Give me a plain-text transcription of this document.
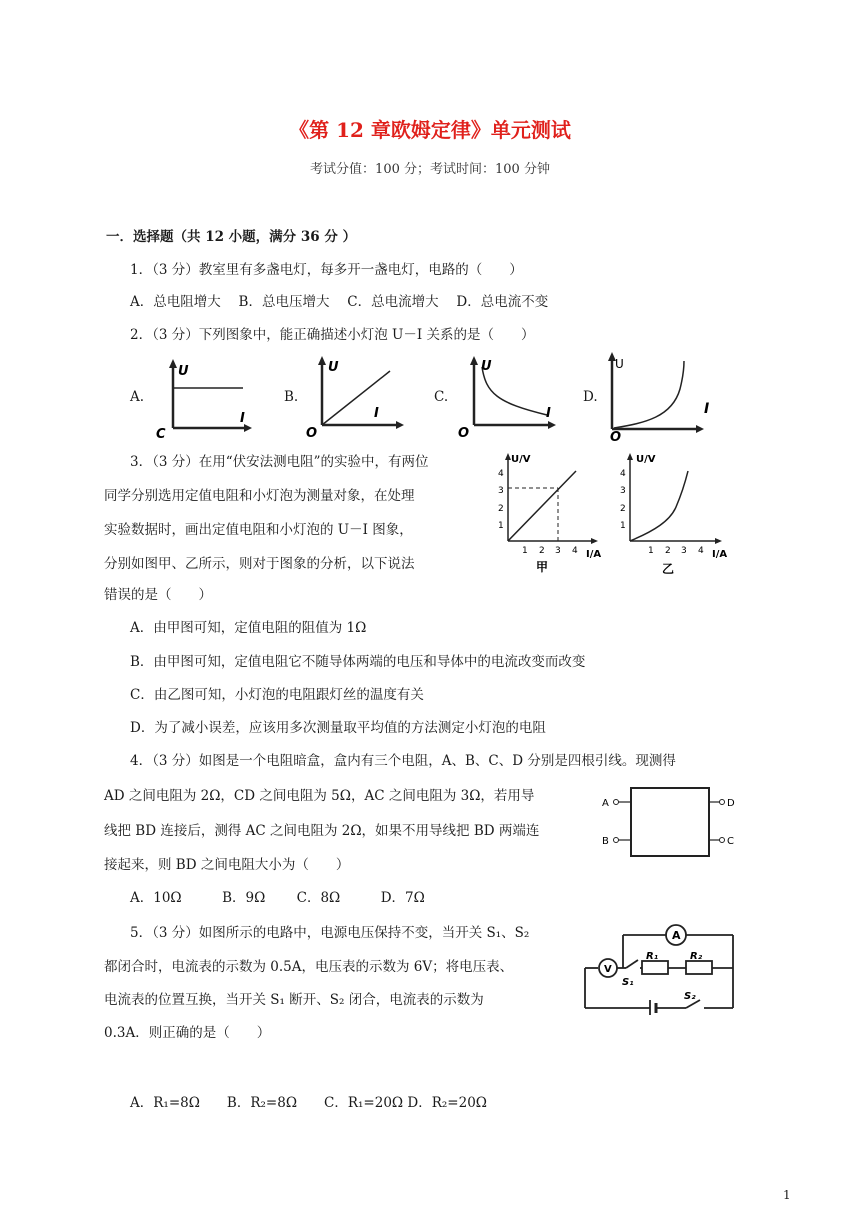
《第 12 章欧姆定律》单元测试
考试分值：100 分；考试时间：100 分钟
一．选择题（共 12 小题，满分 36 分 ）
1．（3 分）教室里有多盏电灯，每多开一盏电灯，电路的（　　）
A．总电阻增大　 B．总电压增大　 C．总电流增大　 D．总电流不变
2．（3 分）下列图象中，能正确描述小灯泡 U－I 关系的是（　　）
A.
U
I
C
B.
U
I
O
C.
U
I
O
D.
U
I
O
3．（3 分）在用“伏安法测电阻”的实验中，有两位
同学分别选用定值电阻和小灯泡为测量对象，在处理
实验数据时，画出定值电阻和小灯泡的 U－I 图象，
分别如图甲、乙所示，则对于图象的分析，以下说法
错误的是（　　）
U/V
I/A
1
2
3
4
1 2 3 4
甲
U/V
I/A
1
2
3
4
1 2 3 4
乙
A．由甲图可知，定值电阻的阻值为 1Ω
B．由甲图可知，定值电阻它不随导体两端的电压和导体中的电流改变而改变
C．由乙图可知，小灯泡的电阻跟灯丝的温度有关
D．为了减小误差，应该用多次测量取平均值的方法测定小灯泡的电阻
4．（3 分）如图是一个电阻暗盒，盒内有三个电阻，A、B、C、D 分别是四根引线。现测得
AD 之间电阻为 2Ω，CD 之间电阻为 5Ω，AC 之间电阻为 3Ω，若用导
线把 BD 连接后，测得 AC 之间电阻为 2Ω，如果不用导线把 BD 两端连
接起来，则 BD 之间电阻大小为（　　）
A
B
D
C
A．10Ω　　　B．9Ω　　 C．8Ω　　　D．7Ω
5．（3 分）如图所示的电路中，电源电压保持不变，当开关 S₁、S₂
都闭合时，电流表的示数为 0.5A，电压表的示数为 6V；将电压表、
电流表的位置互换，当开关 S₁ 断开、S₂ 闭合，电流表的示数为
0.3A．则正确的是（　　）
A
V
R₁	R₂
S₁
S₂
A．R₁=8Ω　　B．R₂=8Ω　　C．R₁=20Ω D．R₂=20Ω
1
